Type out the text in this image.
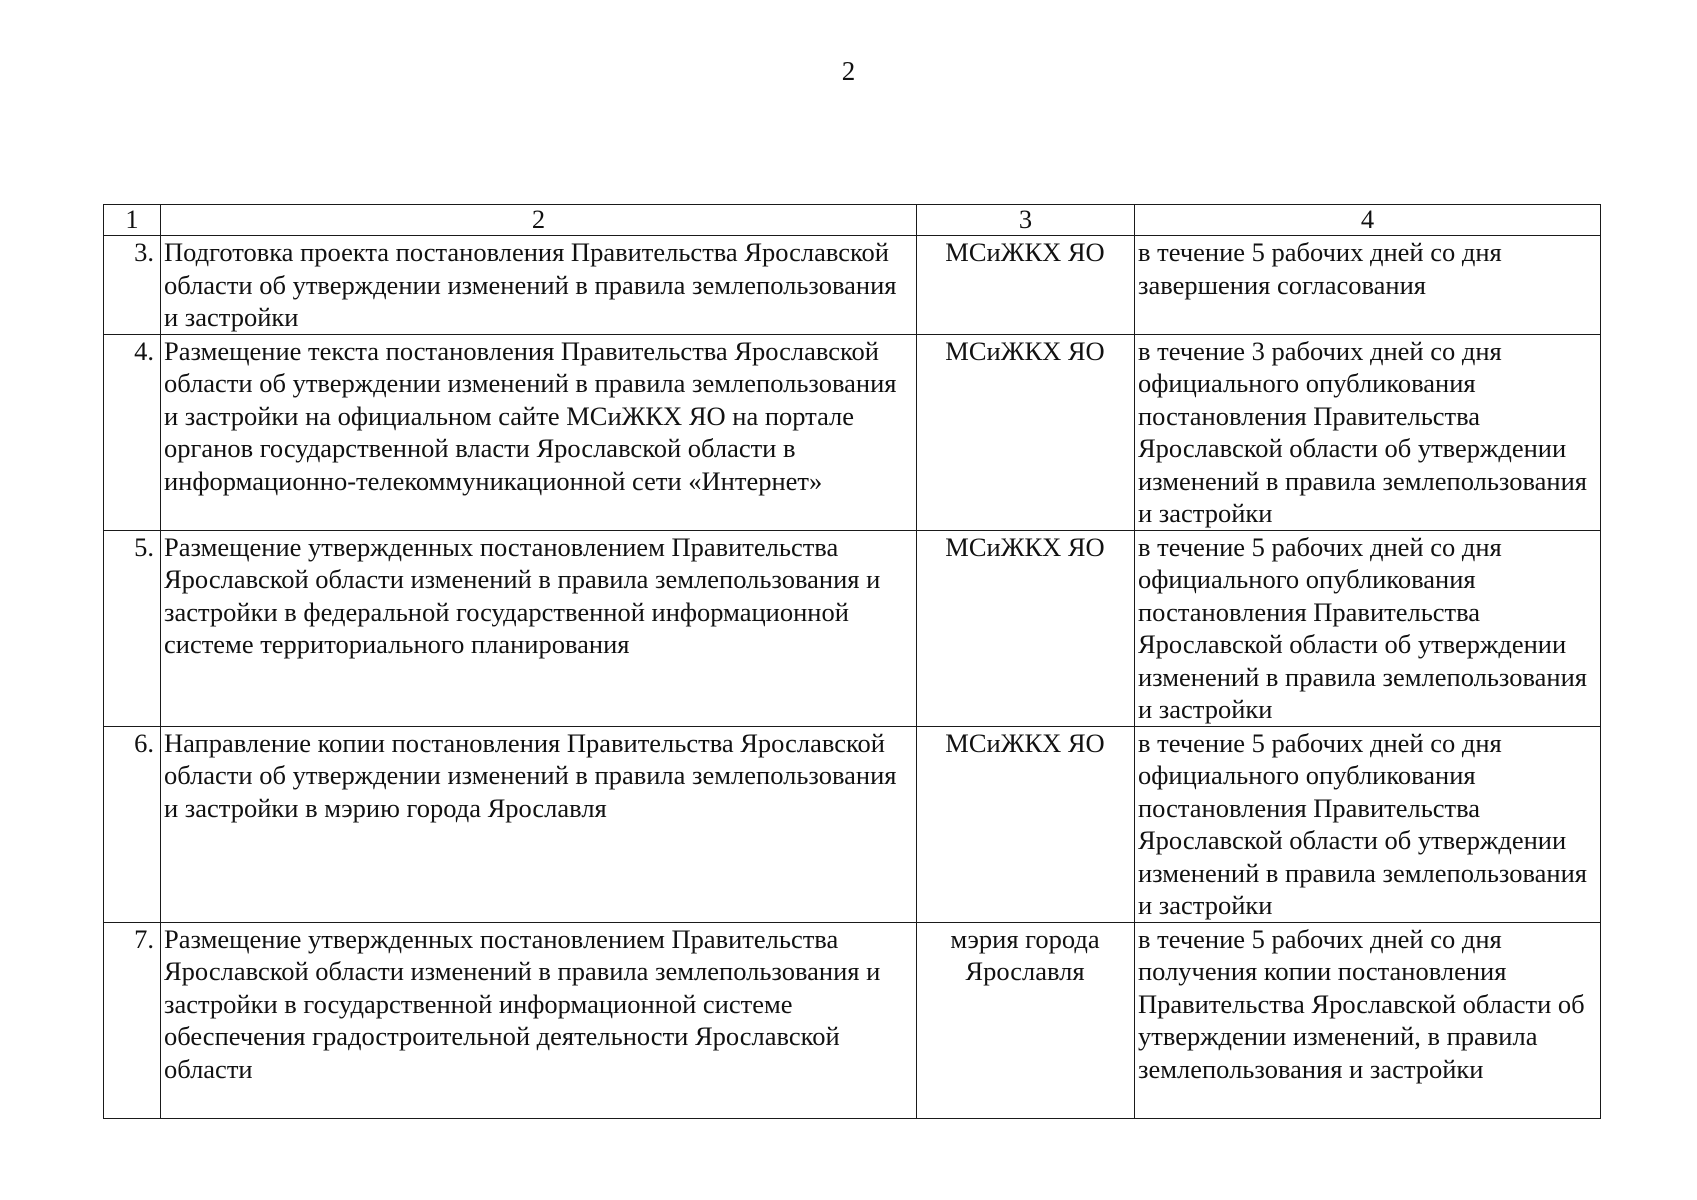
2
1	2	3	4
3.	Подготовка проекта постановления Правительства Ярославской области об утверждении изменений в правила землепользования и застройки	МСиЖКХ ЯО	в течение 5 рабочих дней со дня завершения согласования
4.	Размещение текста постановления Правительства Ярославской области об утверждении изменений в правила землепользования и застройки на официальном сайте МСиЖКХ ЯО на портале органов государственной власти Ярославской области в информационно-телекоммуникационной сети «Интернет»	МСиЖКХ ЯО	в течение 3 рабочих дней со дня официального опубликования постановления Правительства Ярославской области об утверждении изменений в правила землепользования и застройки
5.	Размещение утвержденных постановлением Правительства Ярославской области изменений в правила землепользования и застройки в федеральной государственной информационной системе территориального планирования	МСиЖКХ ЯО	в течение 5 рабочих дней со дня официального опубликования постановления Правительства Ярославской области об утверждении изменений в правила землепользования и застройки
6.	Направление копии постановления Правительства Ярославской области об утверждении изменений в правила землепользования и застройки в мэрию города Ярославля	МСиЖКХ ЯО	в течение 5 рабочих дней со дня официального опубликования постановления Правительства Ярославской области об утверждении изменений в правила землепользования и застройки
7.	Размещение утвержденных постановлением Правительства Ярославской области изменений в правила землепользования и застройки в государственной информационной системе обеспечения градостроительной деятельности Ярославской области	мэрия города Ярославля	в течение 5 рабочих дней со дня получения копии постановления Правительства Ярославской области об утверждении изменений, в правила землепользования и застройки
